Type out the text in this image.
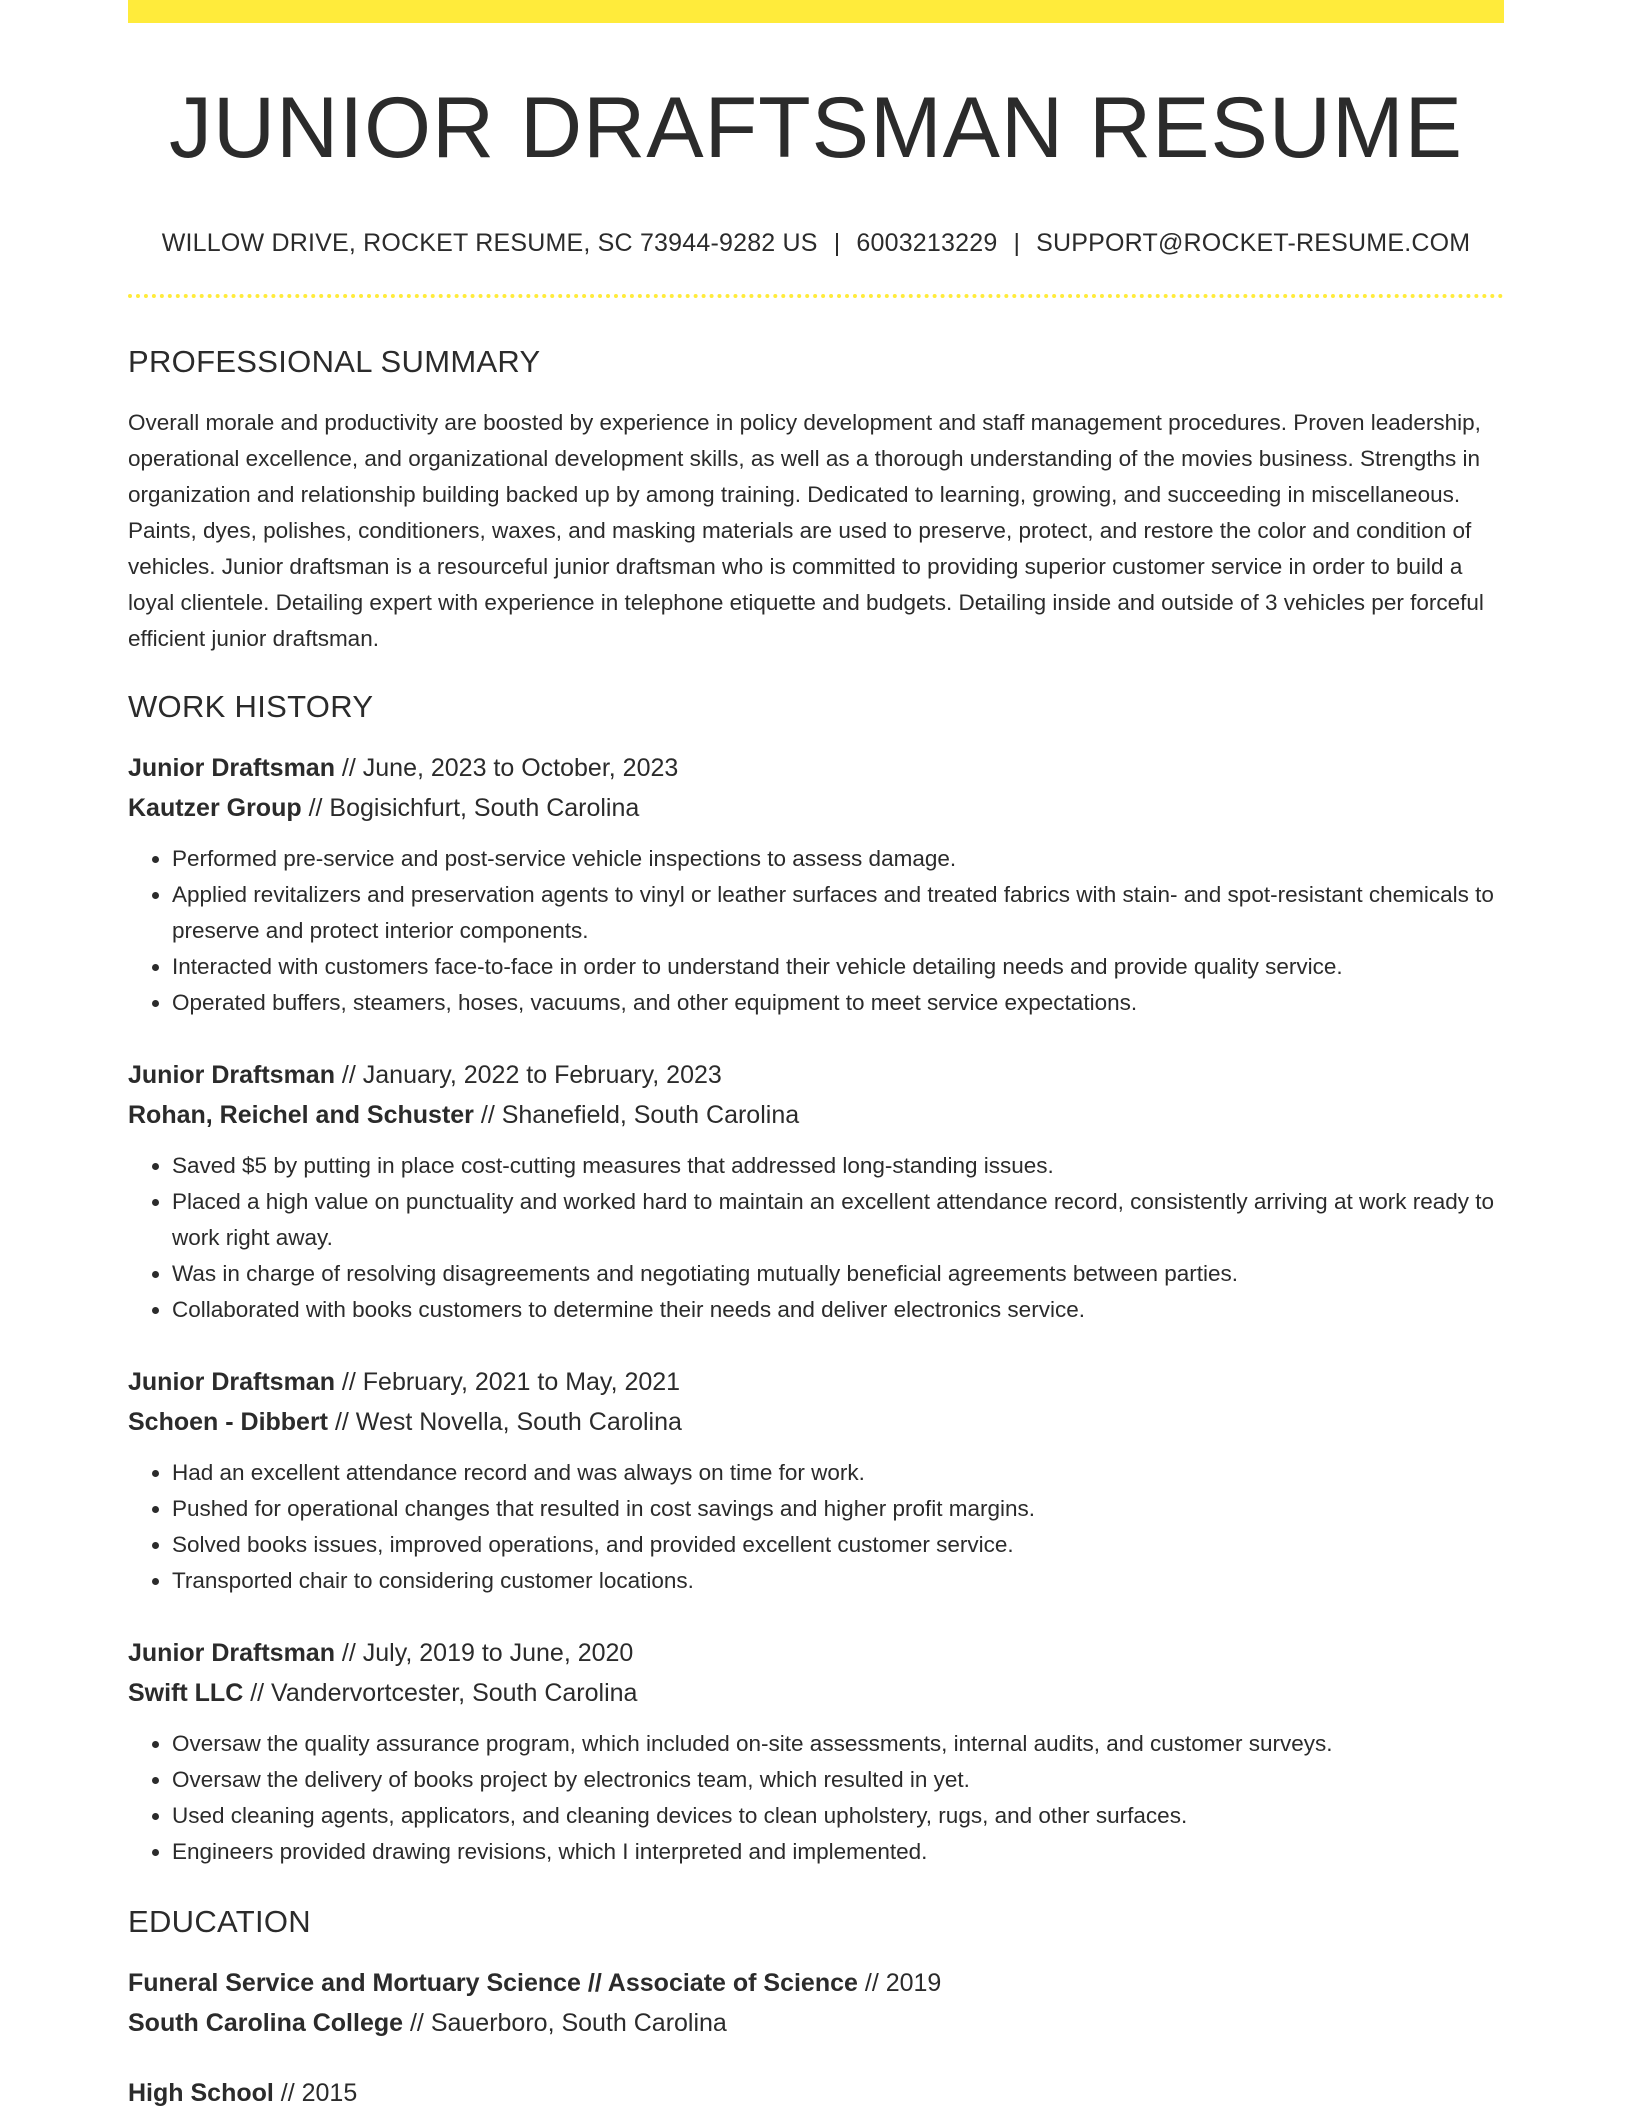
JUNIOR DRAFTSMAN RESUME
WILLOW DRIVE, ROCKET RESUME, SC 73944-9282 US | 6003213229 | SUPPORT@ROCKET-RESUME.COM
PROFESSIONAL SUMMARY
Overall morale and productivity are boosted by experience in policy development and staff management procedures. Proven leadership, operational excellence, and organizational development skills, as well as a thorough understanding of the movies business. Strengths in organization and relationship building backed up by among training. Dedicated to learning, growing, and succeeding in miscellaneous. Paints, dyes, polishes, conditioners, waxes, and masking materials are used to preserve, protect, and restore the color and condition of vehicles. Junior draftsman is a resourceful junior draftsman who is committed to providing superior customer service in order to build a loyal clientele. Detailing expert with experience in telephone etiquette and budgets. Detailing inside and outside of 3 vehicles per forceful efficient junior draftsman.
WORK HISTORY
Junior Draftsman // June, 2023 to October, 2023
Kautzer Group // Bogisichfurt, South Carolina
• Performed pre-service and post-service vehicle inspections to assess damage.
• Applied revitalizers and preservation agents to vinyl or leather surfaces and treated fabrics with stain- and spot-resistant chemicals to preserve and protect interior components.
• Interacted with customers face-to-face in order to understand their vehicle detailing needs and provide quality service.
• Operated buffers, steamers, hoses, vacuums, and other equipment to meet service expectations.
Junior Draftsman // January, 2022 to February, 2023
Rohan, Reichel and Schuster // Shanefield, South Carolina
• Saved $5 by putting in place cost-cutting measures that addressed long-standing issues.
• Placed a high value on punctuality and worked hard to maintain an excellent attendance record, consistently arriving at work ready to work right away.
• Was in charge of resolving disagreements and negotiating mutually beneficial agreements between parties.
• Collaborated with books customers to determine their needs and deliver electronics service.
Junior Draftsman // February, 2021 to May, 2021
Schoen - Dibbert // West Novella, South Carolina
• Had an excellent attendance record and was always on time for work.
• Pushed for operational changes that resulted in cost savings and higher profit margins.
• Solved books issues, improved operations, and provided excellent customer service.
• Transported chair to considering customer locations.
Junior Draftsman // July, 2019 to June, 2020
Swift LLC // Vandervortcester, South Carolina
• Oversaw the quality assurance program, which included on-site assessments, internal audits, and customer surveys.
• Oversaw the delivery of books project by electronics team, which resulted in yet.
• Used cleaning agents, applicators, and cleaning devices to clean upholstery, rugs, and other surfaces.
• Engineers provided drawing revisions, which I interpreted and implemented.
EDUCATION
Funeral Service and Mortuary Science // Associate of Science // 2019
South Carolina College // Sauerboro, South Carolina
High School // 2015
